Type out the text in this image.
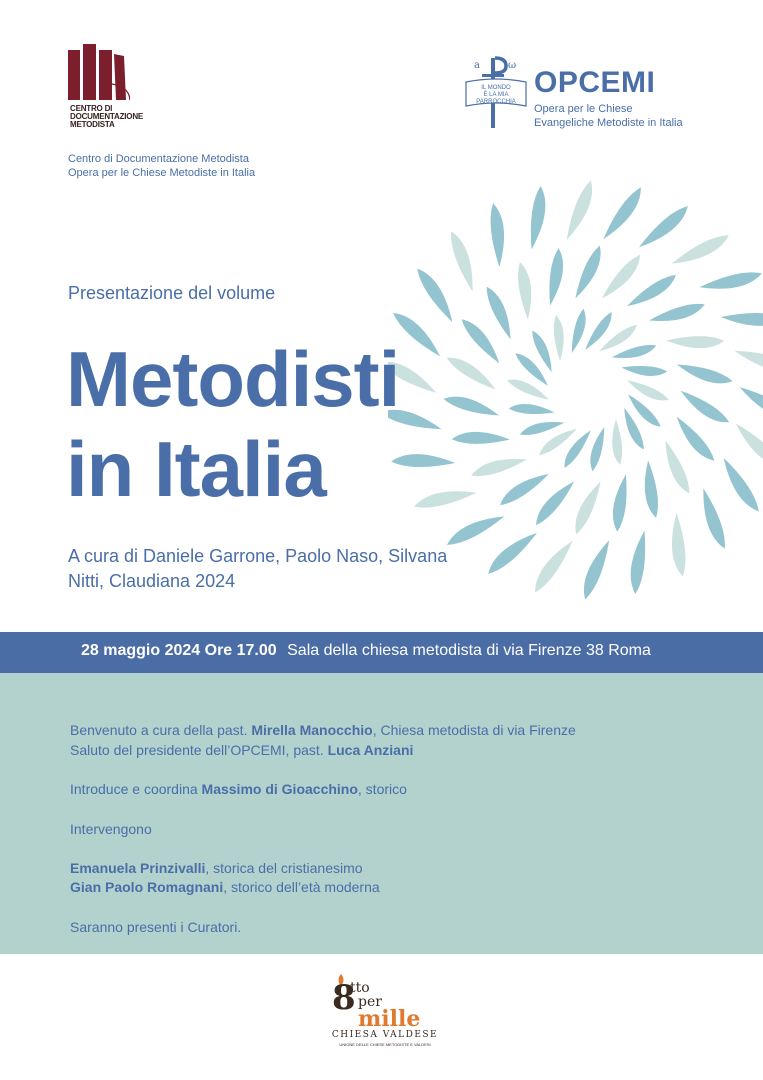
CENTRO DI
DOCUMENTAZIONE
METODISTA
Centro di Documentazione Metodista
Opera per le Chiese Metodiste in Italia
a	ω
IL MONDO
È LA MIA
PARROCCHIA
OPCEMI
Opera per le Chiese
Evangeliche Metodiste in Italia
Presentazione del volume
Metodisti
in Italia
A cura di Daniele Garrone, Paolo Naso, Silvana
Nitti, Claudiana 2024
28 maggio 2024 Ore 17.00 Sala della chiesa metodista di via Firenze 38 Roma
Benvenuto a cura della past. Mirella Manocchio, Chiesa metodista di via Firenze
Saluto del presidente dell’OPCEMI, past. Luca Anziani
Introduce e coordina Massimo di Gioacchino, storico
Intervengono
Emanuela Prinzivalli, storica del cristianesimo
Gian Paolo Romagnani, storico dell’età moderna
Saranno presenti i Curatori.
8
tto
per
mille
CHIESA VALDESE
UNIONE DELLE CHIESE METODISTE E VALDESI
